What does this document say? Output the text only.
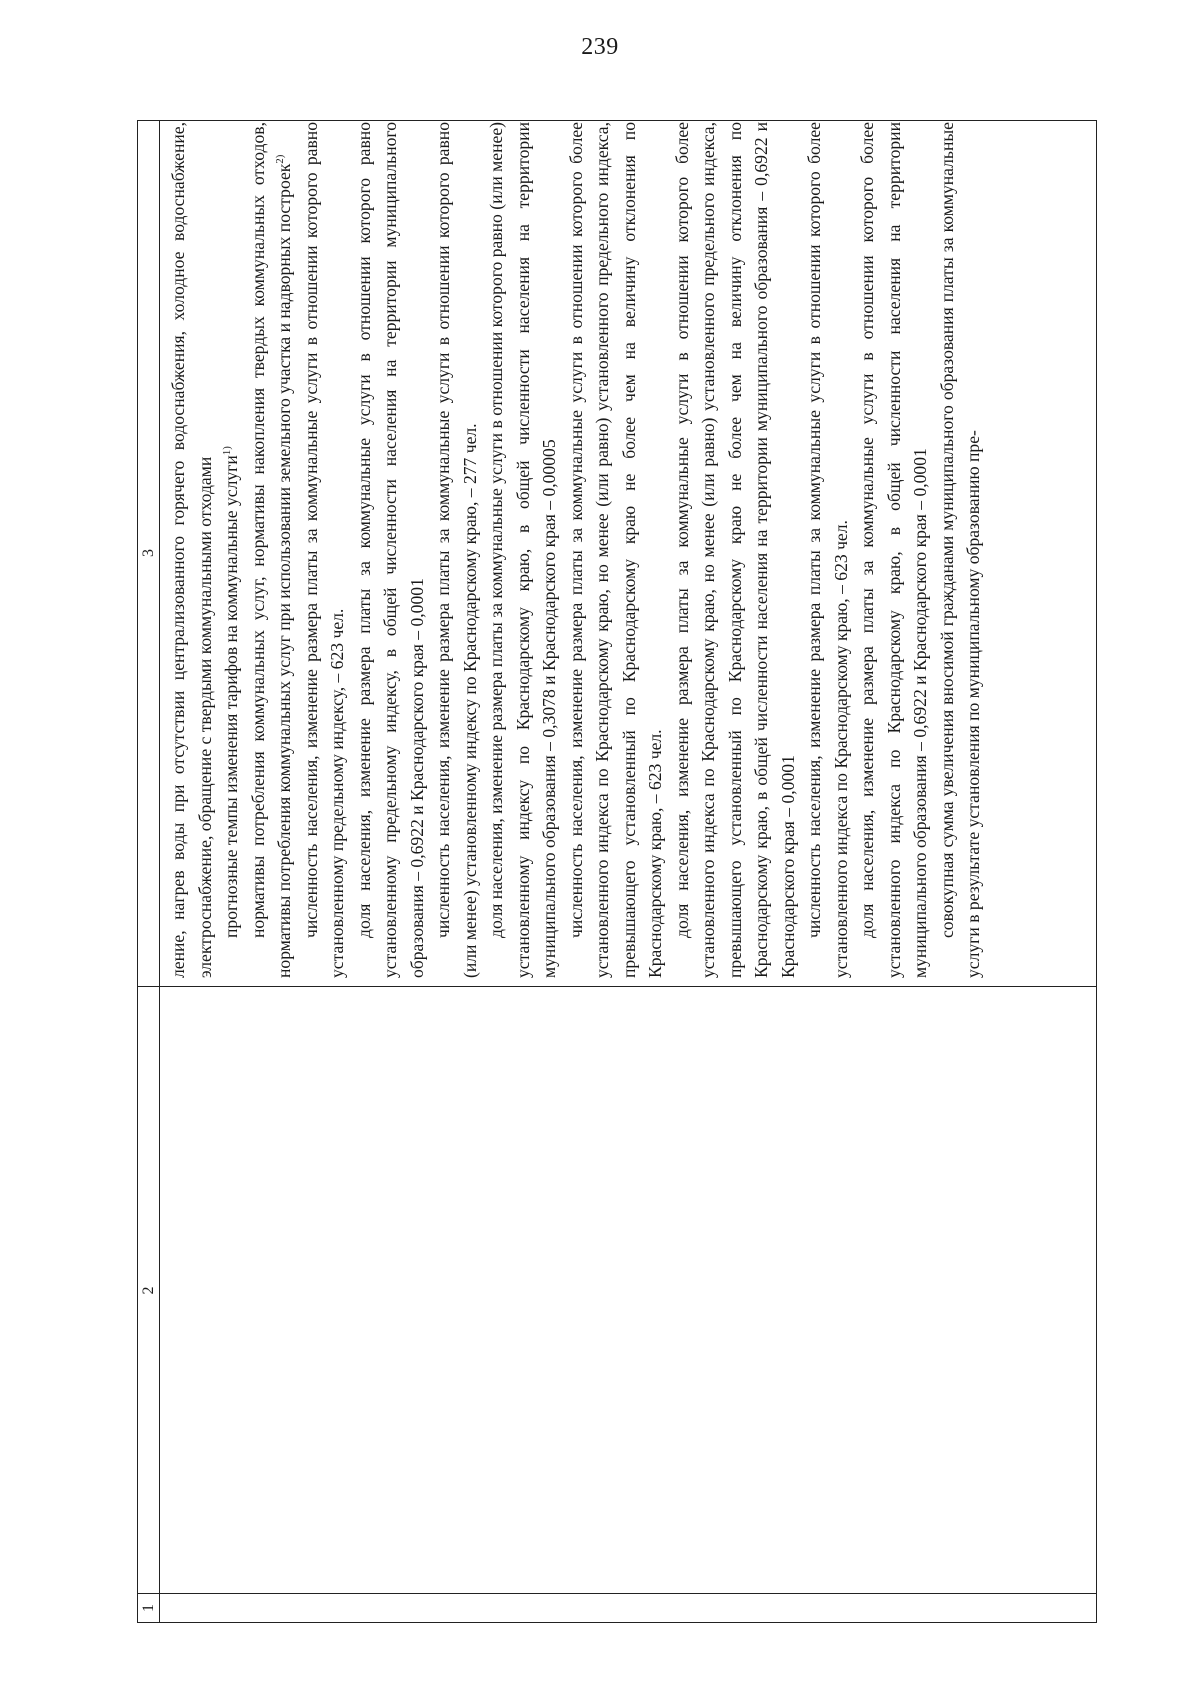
239
1
2
3 ление, нагрев воды при отсутствии централизованного горячего водоснабжения, холодное водоснабжение, электроснабжение, обращение с твердыми коммунальными отходами прогнозные темпы изменения тарифов на коммунальные услуги$^{1)}$ нормативы потребления коммунальных услуг, нормативы накопления твердых коммунальных отходов, нормативы потребления коммунальных услуг при использовании земельного участка и надворных построек$^{2)}$ численность населения, изменение размера платы за коммунальные услуги в отношении которого равно установленному предельному индексу, – 623 чел. доля населения, изменение размера платы за коммунальные услуги в отношении которого равно установленному предельному индексу, в общей численности населения на территории муниципального образования – 0,6922 и Краснодарского края – 0,0001 численность населения, изменение размера платы за коммунальные услуги в отношении которого равно (или менее) установленному индексу по Краснодарскому краю, – 277 чел. доля населения, изменение размера платы за коммунальные услуги в отношении которого равно (или менее) установленному индексу по Краснодарскому краю, в общей численности населения на территории муниципального образования – 0,3078 и Краснодарского края – 0,00005 численность населения, изменение размера платы за коммунальные услуги в отношении которого более установленного индекса по Краснодарскому краю, но менее (или равно) установленного предельного индекса, превышающего установленный по Краснодарскому краю не более чем на величину отклонения по Краснодарскому краю, – 623 чел. доля населения, изменение размера платы за коммунальные услуги в отношении которого более установленного индекса по Краснодарскому краю, но менее (или равно) установленного предельного индекса, превышающего установленный по Краснодарскому краю не более чем на величину отклонения по Краснодарскому краю, в общей численности населения на территории муниципального образования – 0,6922 и Краснодарского края – 0,0001 численность населения, изменение размера платы за коммунальные услуги в отношении которого более установленного индекса по Краснодарскому краю, – 623 чел. доля населения, изменение размера платы за коммунальные услуги в отношении которого более установленного индекса по Краснодарскому краю, в общей численности населения на территории муниципального образования – 0,6922 и Краснодарского края – 0,0001 совокупная сумма увеличения вносимой гражданами муниципального образования платы за коммунальные услуги в результате установления по муниципальному образованию пре-
